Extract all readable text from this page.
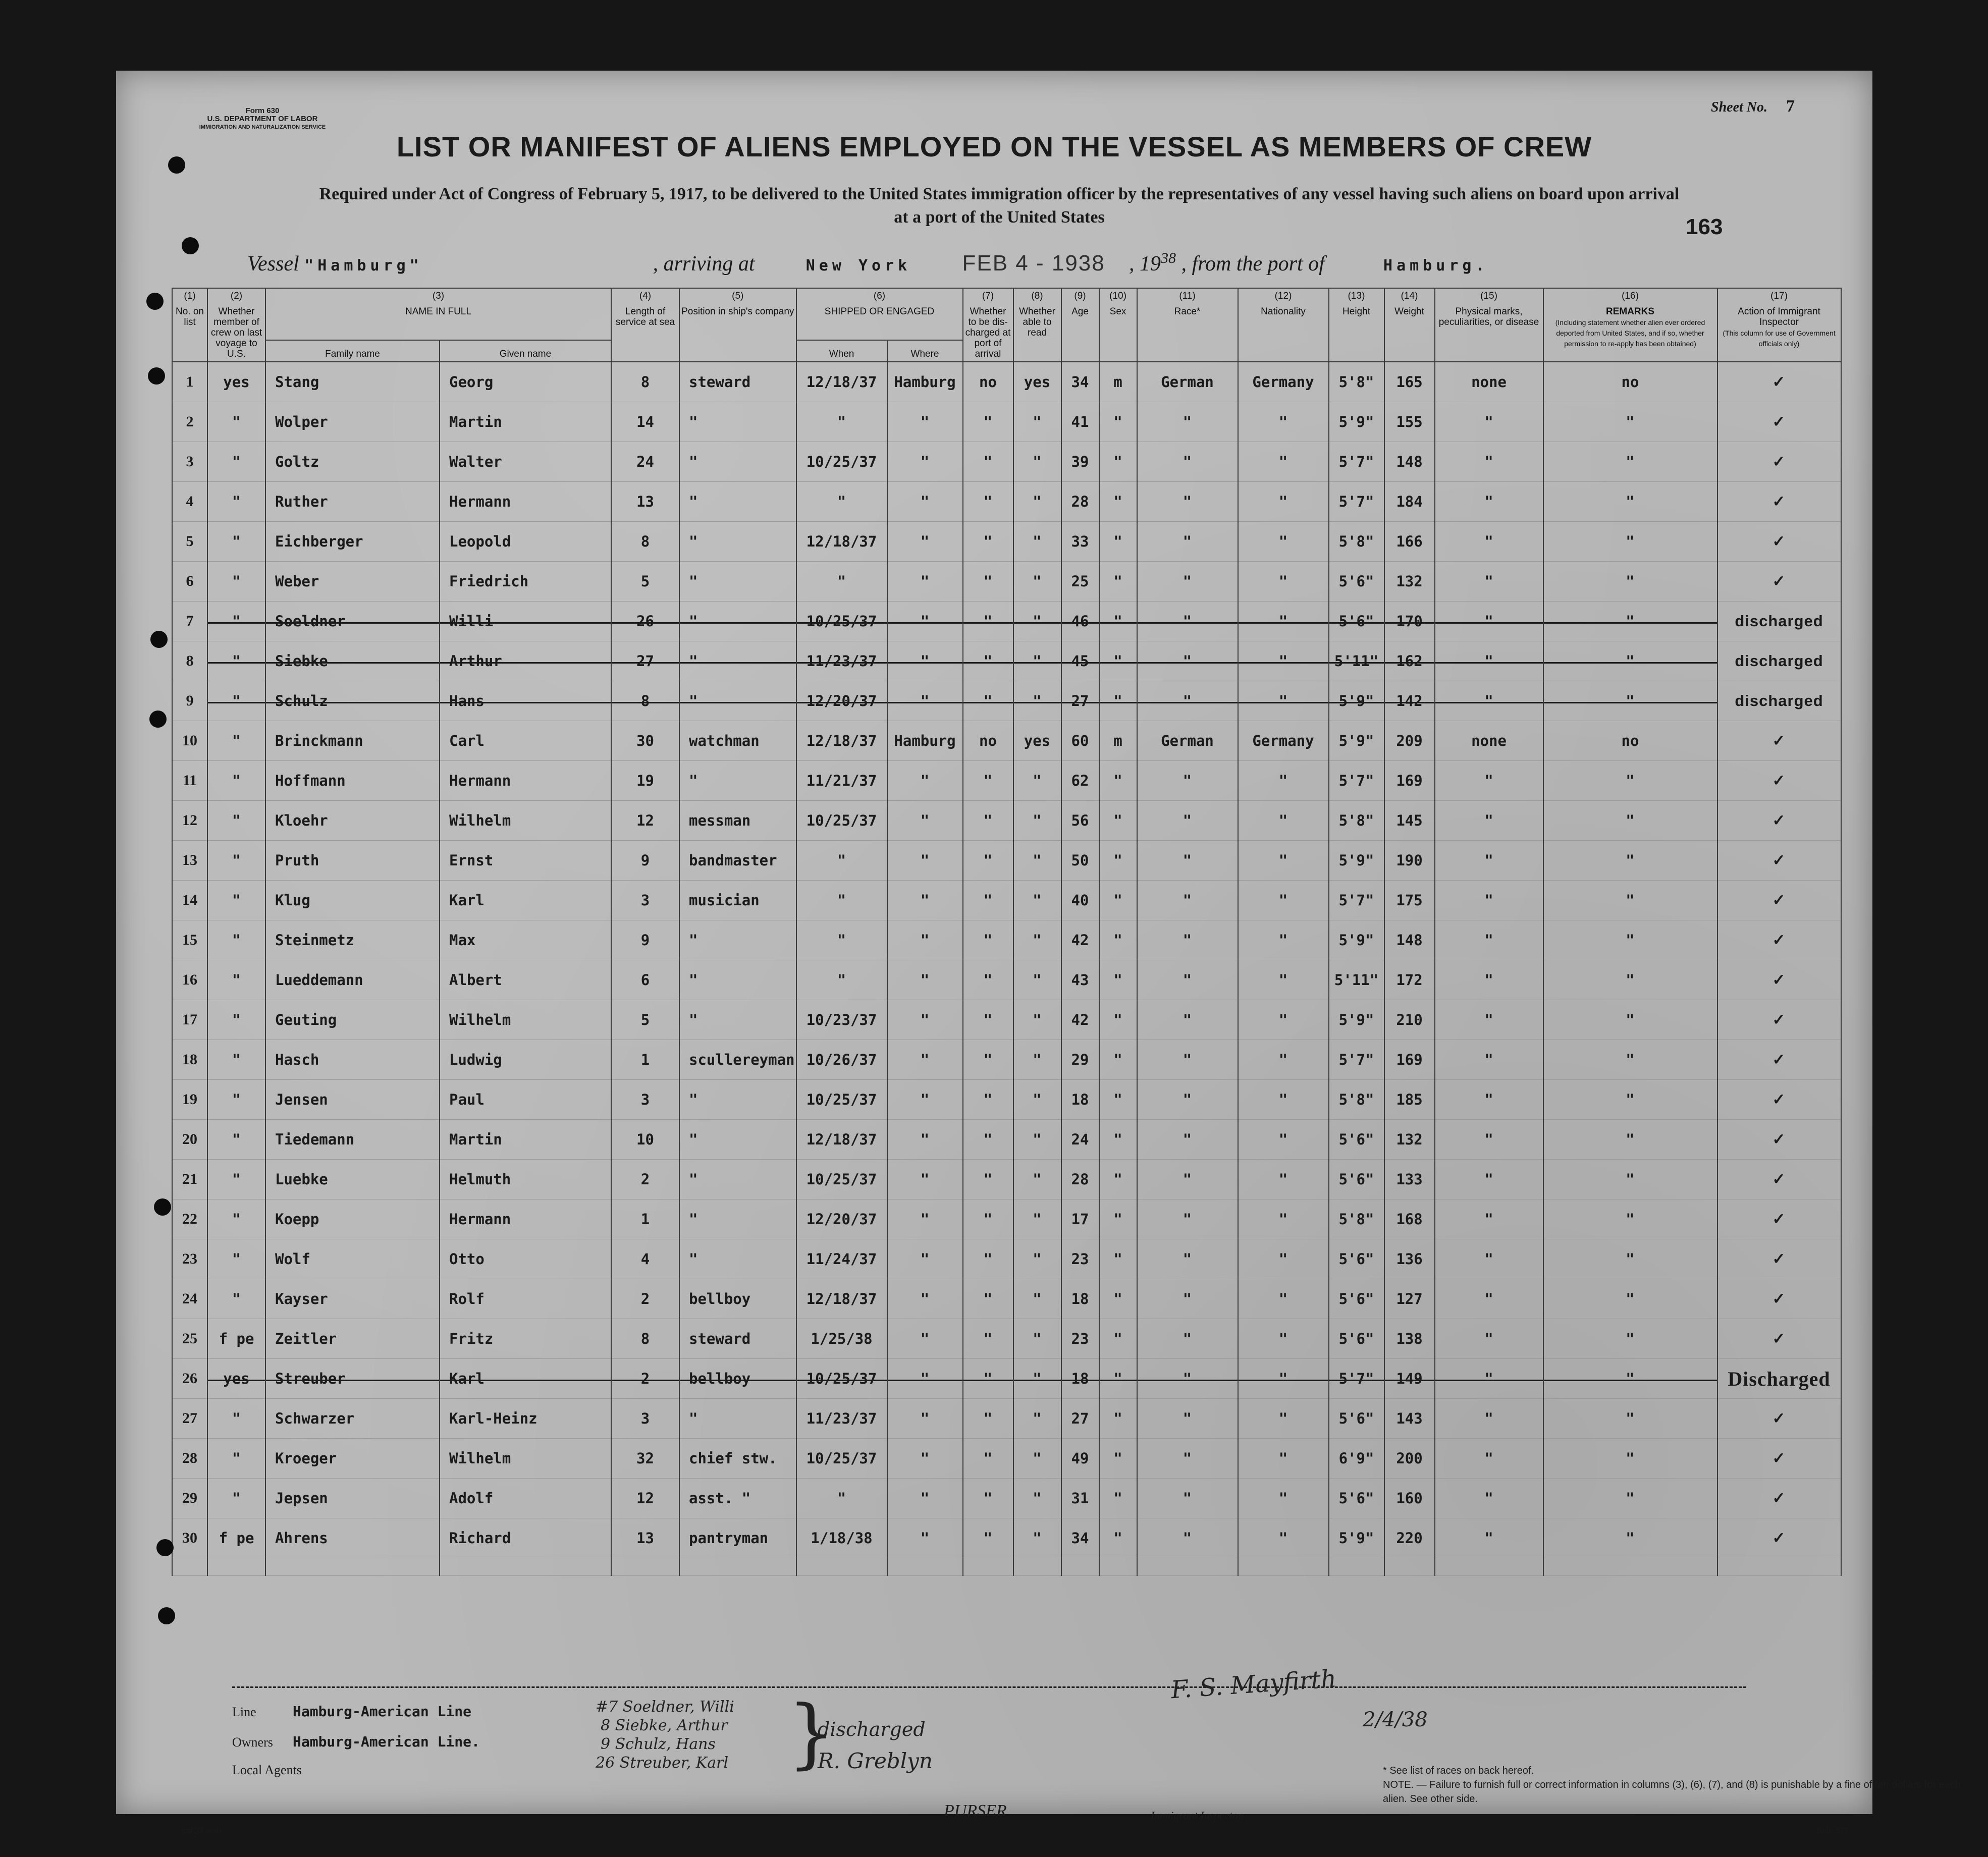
Form 630
U.S. DEPARTMENT OF LABOR
IMMIGRATION AND NATURALIZATION SERVICE
Sheet No. 7
LIST OR MANIFEST OF ALIENS EMPLOYED ON THE VESSEL AS MEMBERS OF CREW
Required under Act of Congress of February 5, 1917, to be delivered to the United States immigration officer by the representatives of any vessel having such aliens on board upon arrival
at a port of the United States	163
Vessel "Hamburg"	, arriving at	New York FEB 4 - 1938 , $19^{38}$ , from the port of	Hamburg.
(1)
No. on list	(2)
Whether member of crew on last voyage to U.S.	(3)
NAME IN FULL		(4)
Length of service at sea	(5)
Position in ship's company	(6)
SHIPPED OR ENGAGED		(7)
Whether to be dis-charged at port of arrival	(8)
Whether able to read	(9)
Age	(10)
Sex	(11)
Race*	(12)
Nationality	(13)
Height	(14)
Weight	(15)
Physical marks, peculiarities, or disease	(16)
REMARKS
(Including statement whether alien ever ordered deported from United States, and if so, whether permission to re-apply has been obtained)	(17)
Action of Immigrant Inspector
(This column for use of Government officials only)
		Family name	Given name			When	Where											
1	yes	Stang	Georg	8	steward	12/18/37	Hamburg	no	yes	34	m	German	Germany	5'8"	165	none	no	✓
2	"	Wolper	Martin	14	"	"	"	"	"	41	"	"	"	5'9"	155	"	"	✓
3	"	Goltz	Walter	24	"	10/25/37	"	"	"	39	"	"	"	5'7"	148	"	"	✓
4	"	Ruther	Hermann	13	"	"	"	"	"	28	"	"	"	5'7"	184	"	"	✓
5	"	Eichberger	Leopold	8	"	12/18/37	"	"	"	33	"	"	"	5'8"	166	"	"	✓
6	"	Weber	Friedrich	5	"	"	"	"	"	25	"	"	"	5'6"	132	"	"	✓
7	"	Soeldner	Willi	26	"	10/25/37	"	"	"	46	"	"	"	5'6"	170	"	"	discharged
8	"	Siebke	Arthur	27	"	11/23/37	"	"	"	45	"	"	"	5'11"	162	"	"	discharged
9	"	Schulz	Hans	8	"	12/20/37	"	"	"	27	"	"	"	5'9"	142	"	"	discharged
10	"	Brinckmann	Carl	30	watchman	12/18/37	Hamburg	no	yes	60	m	German	Germany	5'9"	209	none	no	✓
11	"	Hoffmann	Hermann	19	"	11/21/37	"	"	"	62	"	"	"	5'7"	169	"	"	✓
12	"	Kloehr	Wilhelm	12	messman	10/25/37	"	"	"	56	"	"	"	5'8"	145	"	"	✓
13	"	Pruth	Ernst	9	bandmaster	"	"	"	"	50	"	"	"	5'9"	190	"	"	✓
14	"	Klug	Karl	3	musician	"	"	"	"	40	"	"	"	5'7"	175	"	"	✓
15	"	Steinmetz	Max	9	"	"	"	"	"	42	"	"	"	5'9"	148	"	"	✓
16	"	Lueddemann	Albert	6	"	"	"	"	"	43	"	"	"	5'11"	172	"	"	✓
17	"	Geuting	Wilhelm	5	"	10/23/37	"	"	"	42	"	"	"	5'9"	210	"	"	✓
18	"	Hasch	Ludwig	1	scullereyman	10/26/37	"	"	"	29	"	"	"	5'7"	169	"	"	✓
19	"	Jensen	Paul	3	"	10/25/37	"	"	"	18	"	"	"	5'8"	185	"	"	✓
20	"	Tiedemann	Martin	10	"	12/18/37	"	"	"	24	"	"	"	5'6"	132	"	"	✓
21	"	Luebke	Helmuth	2	"	10/25/37	"	"	"	28	"	"	"	5'6"	133	"	"	✓
22	"	Koepp	Hermann	1	"	12/20/37	"	"	"	17	"	"	"	5'8"	168	"	"	✓
23	"	Wolf	Otto	4	"	11/24/37	"	"	"	23	"	"	"	5'6"	136	"	"	✓
24	"	Kayser	Rolf	2	bellboy	12/18/37	"	"	"	18	"	"	"	5'6"	127	"	"	✓
25	f pe	Zeitler	Fritz	8	steward	1/25/38	"	"	"	23	"	"	"	5'6"	138	"	"	✓
26	yes	Streuber	Karl	2	bellboy	10/25/37	"	"	"	18	"	"	"	5'7"	149	"	"	Discharged
27	"	Schwarzer	Karl-Heinz	3	"	11/23/37	"	"	"	27	"	"	"	5'6"	143	"	"	✓
28	"	Kroeger	Wilhelm	32	chief stw.	10/25/37	"	"	"	49	"	"	"	6'9"	200	"	"	✓
29	"	Jepsen	Adolf	12	asst. "	"	"	"	"	31	"	"	"	5'6"	160	"	"	✓
30	f pe	Ahrens	Richard	13	pantryman	1/18/38	"	"	"	34	"	"	"	5'9"	220	"	"	✓

F. S. Mayfirth
2/4/38
Line	Hamburg-American Line
Owners Hamburg-American Line.
Local Agents
#7 Soeldner, Willi
8 Siebke, Arthur
9 Schulz, Hans
26 Streuber, Karl }
discharged
R. Greblyn
PURSER	Immigrant Inspector.

* See list of races on back hereof.

NOTE. — Failure to furnish full or correct information in columns (3), (6), (7), and (8) is punishable by a fine of ten dollars for each alien. See other side.

Sch. 571
caf 37 vmb.
